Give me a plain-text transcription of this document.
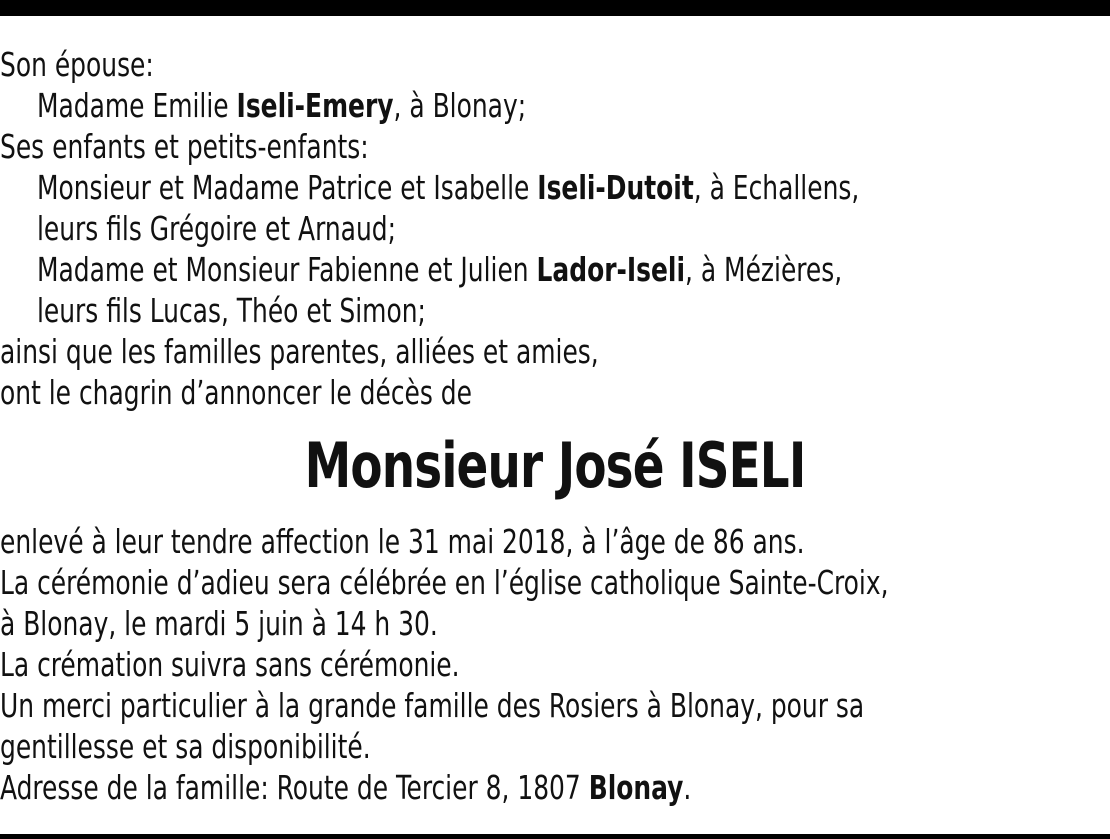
Son épouse:
Madame Emilie Iseli-Emery, à Blonay;
Ses enfants et petits-enfants:
Monsieur et Madame Patrice et Isabelle Iseli-Dutoit, à Echallens,
leurs fils Grégoire et Arnaud;
Madame et Monsieur Fabienne et Julien Lador-Iseli, à Mézières,
leurs fils Lucas, Théo et Simon;
ainsi que les familles parentes, alliées et amies,
ont le chagrin d’annoncer le décès de
Monsieur José ISELI
enlevé à leur tendre affection le 31 mai 2018, à l’âge de 86 ans.
La cérémonie d’adieu sera célébrée en l’église catholique Sainte-Croix,
à Blonay, le mardi 5 juin à 14 h 30.
La crémation suivra sans cérémonie.
Un merci particulier à la grande famille des Rosiers à Blonay, pour sa
gentillesse et sa disponibilité.
Adresse de la famille: Route de Tercier 8, 1807 Blonay.
